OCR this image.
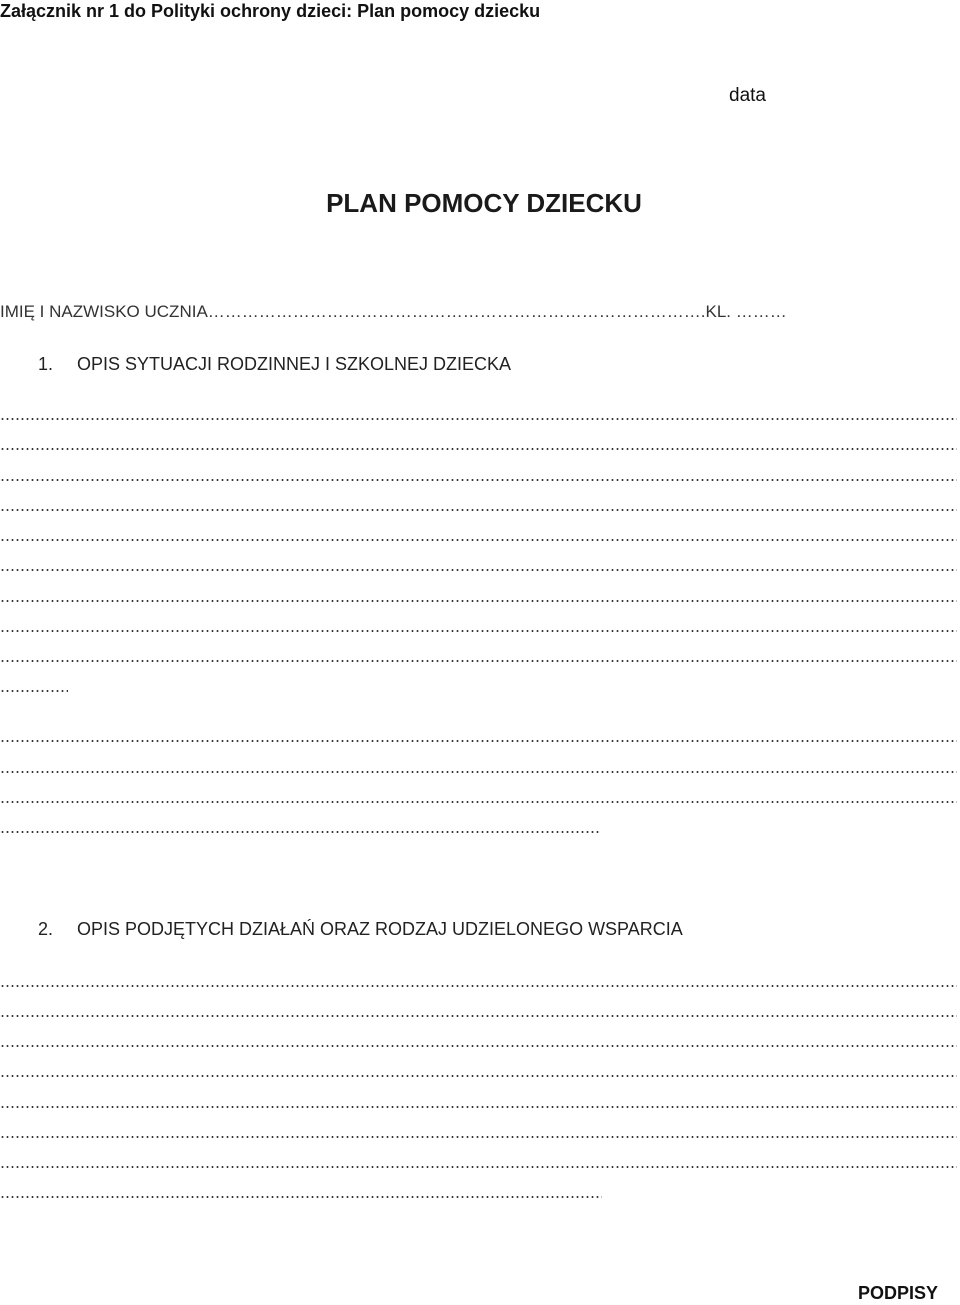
Załącznik nr 1 do Polityki ochrony dzieci: Plan pomocy dziecku
data
PLAN POMOCY DZIECKU
IMIĘ I NAZWISKO UCZNIA…………………………………………………………………………….KL. ………
1. OPIS SYTUACJI RODZINNEJ I SZKOLNEJ DZIECKA
2. OPIS PODJĘTYCH DZIAŁAŃ ORAZ RODZAJ UDZIELONEGO WSPARCIA
PODPISY
